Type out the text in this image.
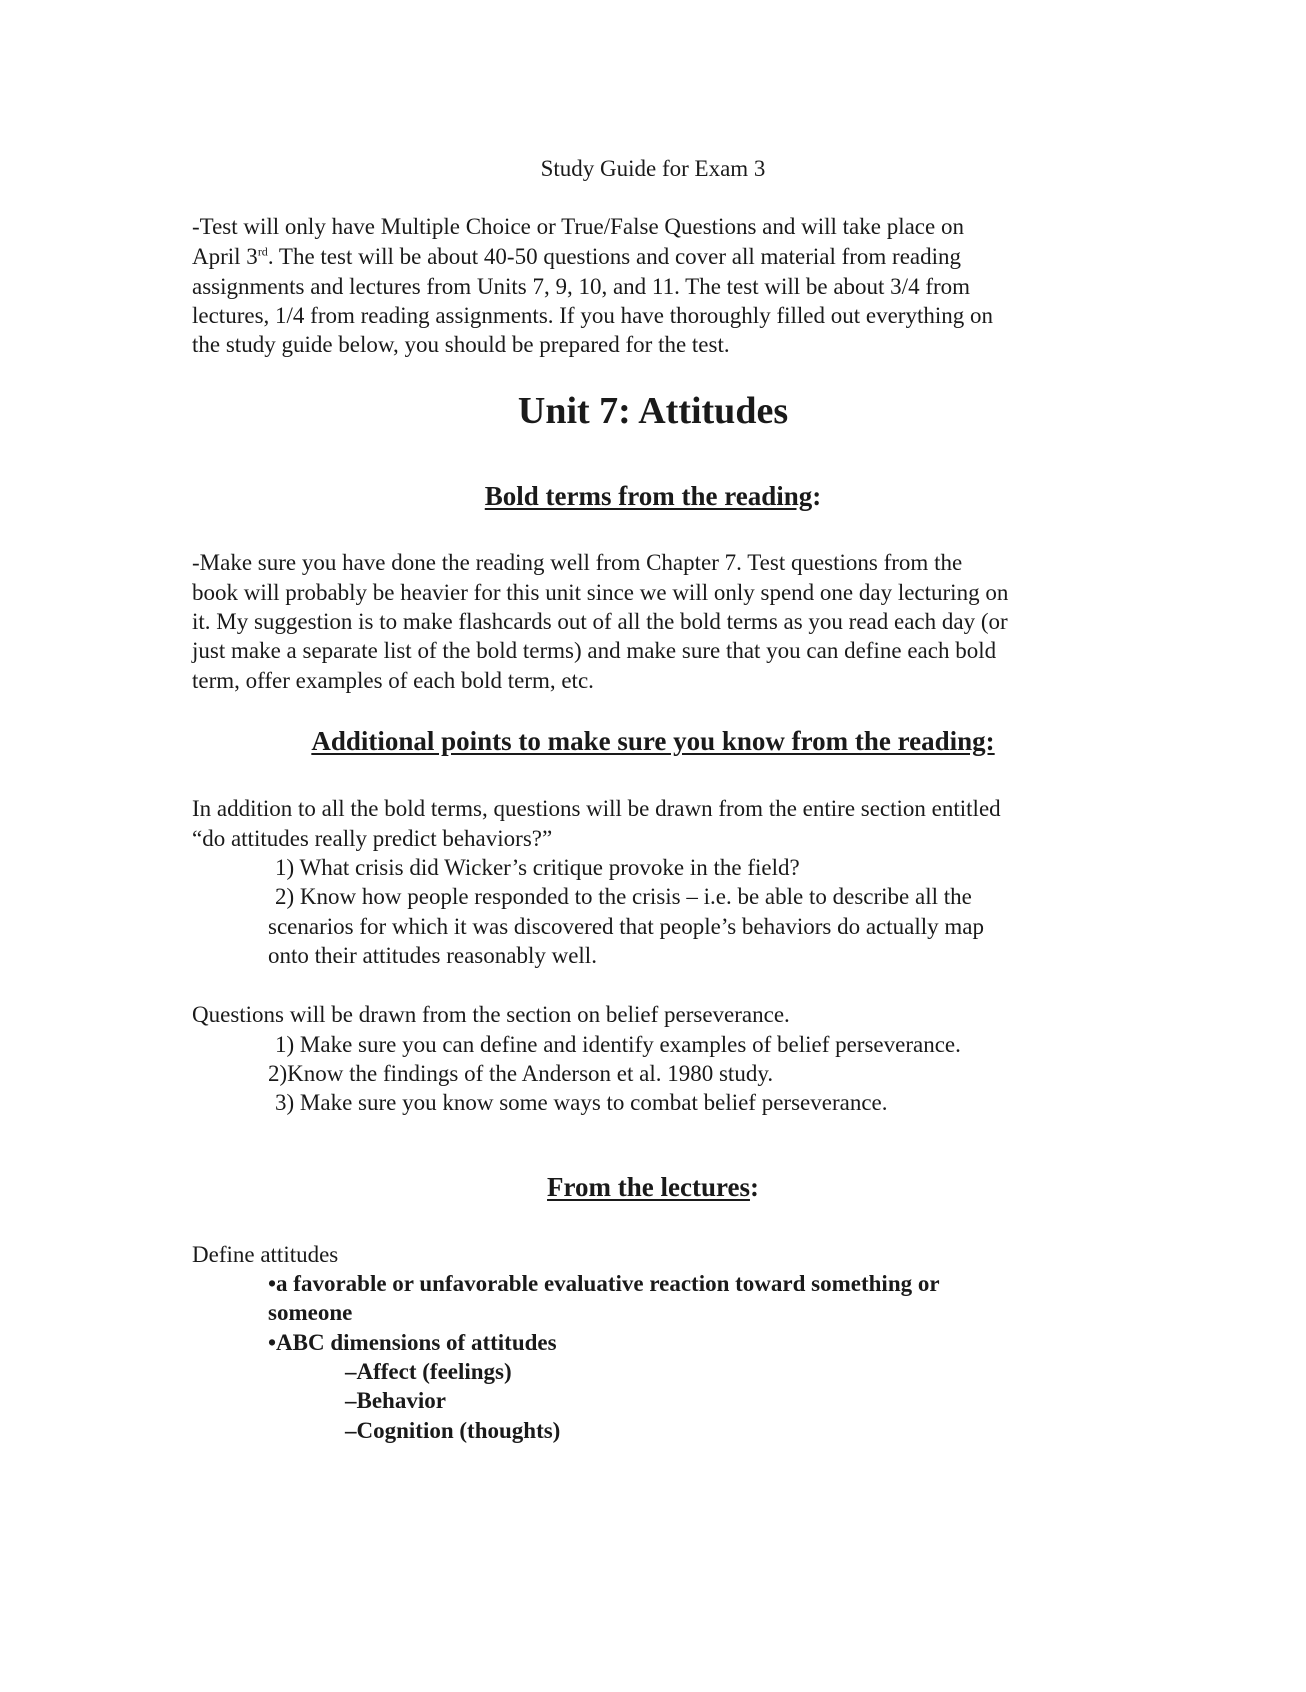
Study Guide for Exam 3
-Test will only have Multiple Choice or True/False Questions and will take place on
April 3rd. The test will be about 40-50 questions and cover all material from reading
assignments and lectures from Units 7, 9, 10, and 11. The test will be about 3/4 from
lectures, 1/4 from reading assignments. If you have thoroughly filled out everything on
the study guide below, you should be prepared for the test.
Unit 7: Attitudes
Bold terms from the reading:
-Make sure you have done the reading well from Chapter 7. Test questions from the
book will probably be heavier for this unit since we will only spend one day lecturing on
it. My suggestion is to make flashcards out of all the bold terms as you read each day (or
just make a separate list of the bold terms) and make sure that you can define each bold
term, offer examples of each bold term, etc.
Additional points to make sure you know from the reading:
In addition to all the bold terms, questions will be drawn from the entire section entitled
“do attitudes really predict behaviors?”
1) What crisis did Wicker’s critique provoke in the field?
2) Know how people responded to the crisis – i.e. be able to describe all the
scenarios for which it was discovered that people’s behaviors do actually map
onto their attitudes reasonably well.
Questions will be drawn from the section on belief perseverance.
1) Make sure you can define and identify examples of belief perseverance.
2)Know the findings of the Anderson et al. 1980 study.
3) Make sure you know some ways to combat belief perseverance.
From the lectures:
Define attitudes
•a favorable or unfavorable evaluative reaction toward something or
someone
•ABC dimensions of attitudes
–Affect (feelings)
–Behavior
–Cognition (thoughts)
